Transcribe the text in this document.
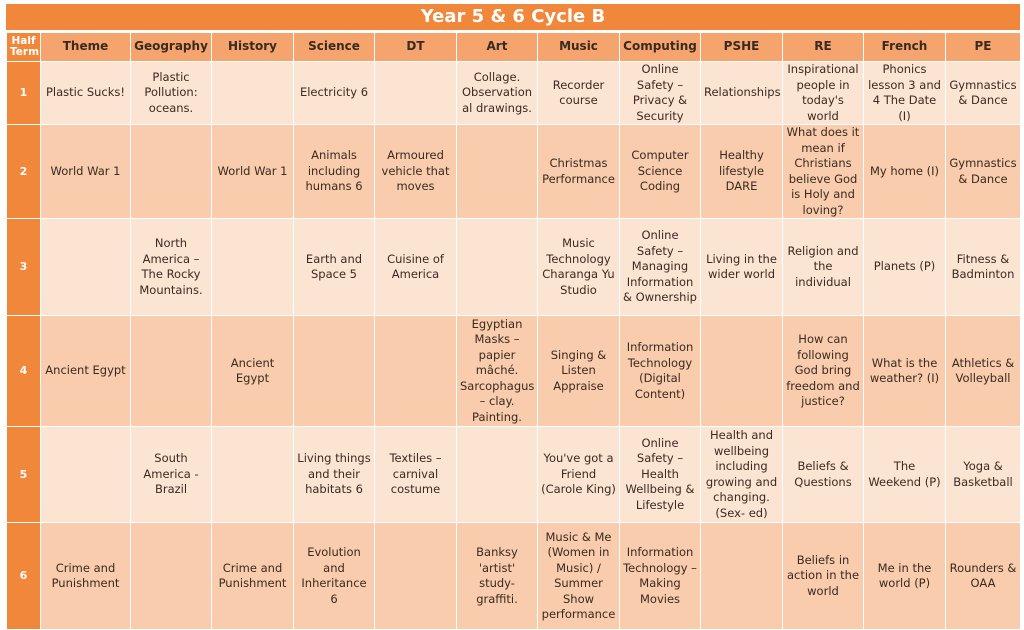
Year 5 & 6 Cycle B
Half Term	Theme	Geography	History	Science	DT	Art	Music	Computing	PSHE	RE	French	PE
1	Plastic Sucks!	Plastic Pollution: oceans.		Electricity 6		Collage. Observation al drawings.	Recorder course	Online Safety – Privacy & Security	Relationships	Inspirational people in today's world	Phonics lesson 3 and 4 The Date (I)	Gymnastics & Dance
2	World War 1		World War 1	Animals including humans 6	Armoured vehicle that moves		Christmas Performance	Computer Science Coding	Healthy lifestyle DARE	What does it mean if Christians believe God is Holy and loving?	My home (I)	Gymnastics & Dance
3		North America – The Rocky Mountains.		Earth and Space 5	Cuisine of America		Music Technology Charanga Yu Studio	Online Safety – Managing Information & Ownership	Living in the wider world	Religion and the individual	Planets (P)	Fitness & Badminton
4	Ancient Egypt		Ancient Egypt			Egyptian Masks – papier mâché. Sarcophagus – clay. Painting.	Singing & Listen Appraise	Information Technology (Digital Content)		How can following God bring freedom and justice?	What is the weather? (I)	Athletics & Volleyball
5		South America - Brazil		Living things and their habitats 6	Textiles – carnival costume		You've got a Friend (Carole King)	Online Safety – Health Wellbeing & Lifestyle	Health and wellbeing including growing and changing. (Sex- ed)	Beliefs & Questions	The Weekend (P)	Yoga & Basketball
6	Crime and Punishment		Crime and Punishment	Evolution and Inheritance 6		Banksy 'artist' study- graffiti.	Music & Me (Women in Music) / Summer Show performance	Information Technology – Making Movies		Beliefs in action in the world	Me in the world (P)	Rounders & OAA
